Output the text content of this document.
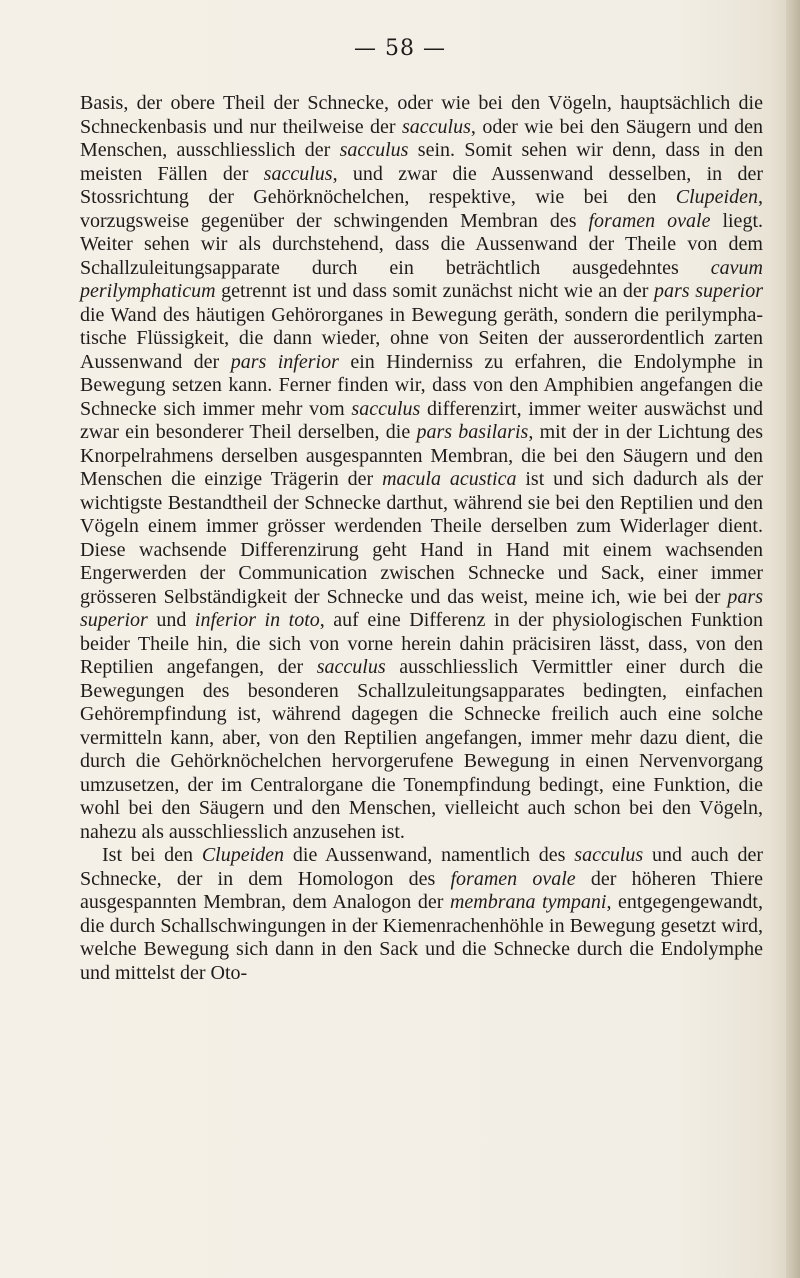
— 58 —

Basis, der obere Theil der Schnecke, oder wie bei den Vögeln, hauptsächlich die Schneckenbasis und nur theilweise der sacculus, oder wie bei den Säugern und den Menschen, ausschliesslich der sacculus sein. Somit sehen wir denn, dass in den meisten Fällen der sacculus, und zwar die Aussenwand desselben, in der Stossrichtung der Gehörknöchelchen, respektive, wie bei den Clupeiden, vorzugsweise gegenüber der schwingenden Membran des foramen ovale liegt. Weiter sehen wir als durchstehend, dass die Aussenwand der Theile von dem Schallzuleitungsapparate durch ein beträchtlich ausgedehntes cavum perilymphaticum getrennt ist und dass somit zunächst nicht wie an der pars superior die Wand des häutigen Gehörorganes in Bewegung geräth, sondern die perilymphatische Flüssigkeit, die dann wieder, ohne von Seiten der ausserordentlich zarten Aussenwand der pars inferior ein Hinderniss zu erfahren, die Endolymphe in Bewegung setzen kann. Ferner finden wir, dass von den Amphibien angefangen die Schnecke sich immer mehr vom sacculus differenzirt, immer weiter auswächst und zwar ein besonderer Theil derselben, die pars basilaris, mit der in der Lichtung des Knorpelrahmens derselben ausgespannten Membran, die bei den Säugern und den Menschen die einzige Trägerin der macula acustica ist und sich dadurch als der wichtigste Bestandtheil der Schnecke darthut, während sie bei den Reptilien und den Vögeln einem immer grösser werdenden Theile derselben zum Widerlager dient. Diese wachsende Differenzirung geht Hand in Hand mit einem wachsenden Engerwerden der Communication zwischen Schnecke und Sack, einer immer grösseren Selbständigkeit der Schnecke und das weist, meine ich, wie bei der pars superior und inferior in toto, auf eine Differenz in der physiologischen Funktion beider Theile hin, die sich von vorne herein dahin präcisiren lässt, dass, von den Reptilien angefangen, der sacculus ausschliesslich Vermittler einer durch die Bewegungen des besonderen Schallzuleitungsapparates bedingten, einfachen Gehörempfindung ist, während dagegen die Schnecke freilich auch eine solche vermitteln kann, aber, von den Reptilien angefangen, immer mehr dazu dient, die durch die Gehörknöchelchen hervorgerufene Bewegung in einen Nervenvorgang umzusetzen, der im Centralorgane die Tonempfindung bedingt, eine Funktion, die wohl bei den Säugern und den Menschen, vielleicht auch schon bei den Vögeln, nahezu als ausschliesslich anzusehen ist.

Ist bei den Clupeiden die Aussenwand, namentlich des sacculus und auch der Schnecke, der in dem Homologon des foramen ovale der höheren Thiere ausgespannten Membran, dem Analogon der membrana tympani, entgegengewandt, die durch Schallschwingungen in der Kiemenrachenhöhle in Bewegung gesetzt wird, welche Bewegung sich dann in den Sack und die Schnecke durch die Endolymphe und mittelst der Oto-
